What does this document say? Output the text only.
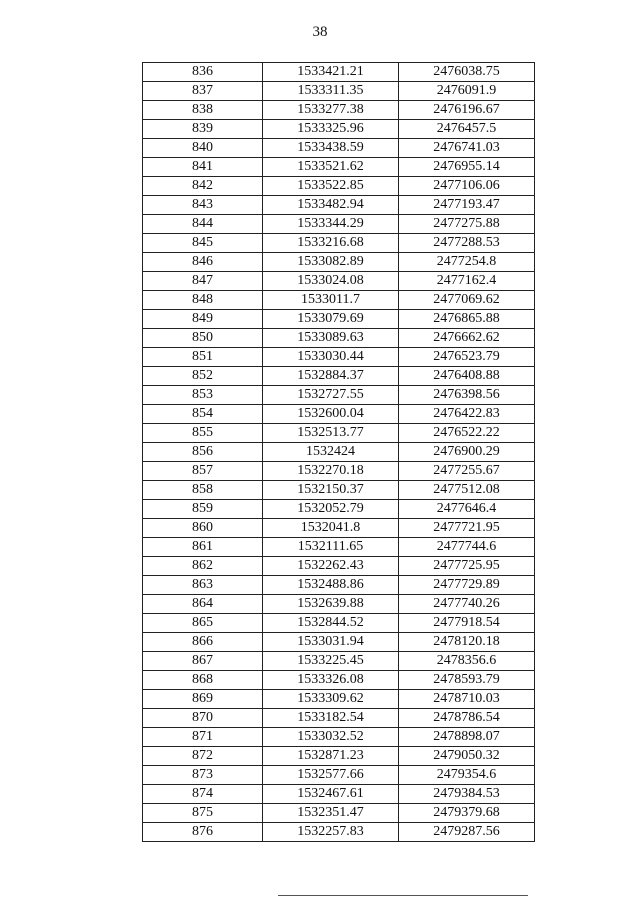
38
836	1533421.21	2476038.75
837	1533311.35	2476091.9
838	1533277.38	2476196.67
839	1533325.96	2476457.5
840	1533438.59	2476741.03
841	1533521.62	2476955.14
842	1533522.85	2477106.06
843	1533482.94	2477193.47
844	1533344.29	2477275.88
845	1533216.68	2477288.53
846	1533082.89	2477254.8
847	1533024.08	2477162.4
848	1533011.7	2477069.62
849	1533079.69	2476865.88
850	1533089.63	2476662.62
851	1533030.44	2476523.79
852	1532884.37	2476408.88
853	1532727.55	2476398.56
854	1532600.04	2476422.83
855	1532513.77	2476522.22
856	1532424	2476900.29
857	1532270.18	2477255.67
858	1532150.37	2477512.08
859	1532052.79	2477646.4
860	1532041.8	2477721.95
861	1532111.65	2477744.6
862	1532262.43	2477725.95
863	1532488.86	2477729.89
864	1532639.88	2477740.26
865	1532844.52	2477918.54
866	1533031.94	2478120.18
867	1533225.45	2478356.6
868	1533326.08	2478593.79
869	1533309.62	2478710.03
870	1533182.54	2478786.54
871	1533032.52	2478898.07
872	1532871.23	2479050.32
873	1532577.66	2479354.6
874	1532467.61	2479384.53
875	1532351.47	2479379.68
876	1532257.83	2479287.56
